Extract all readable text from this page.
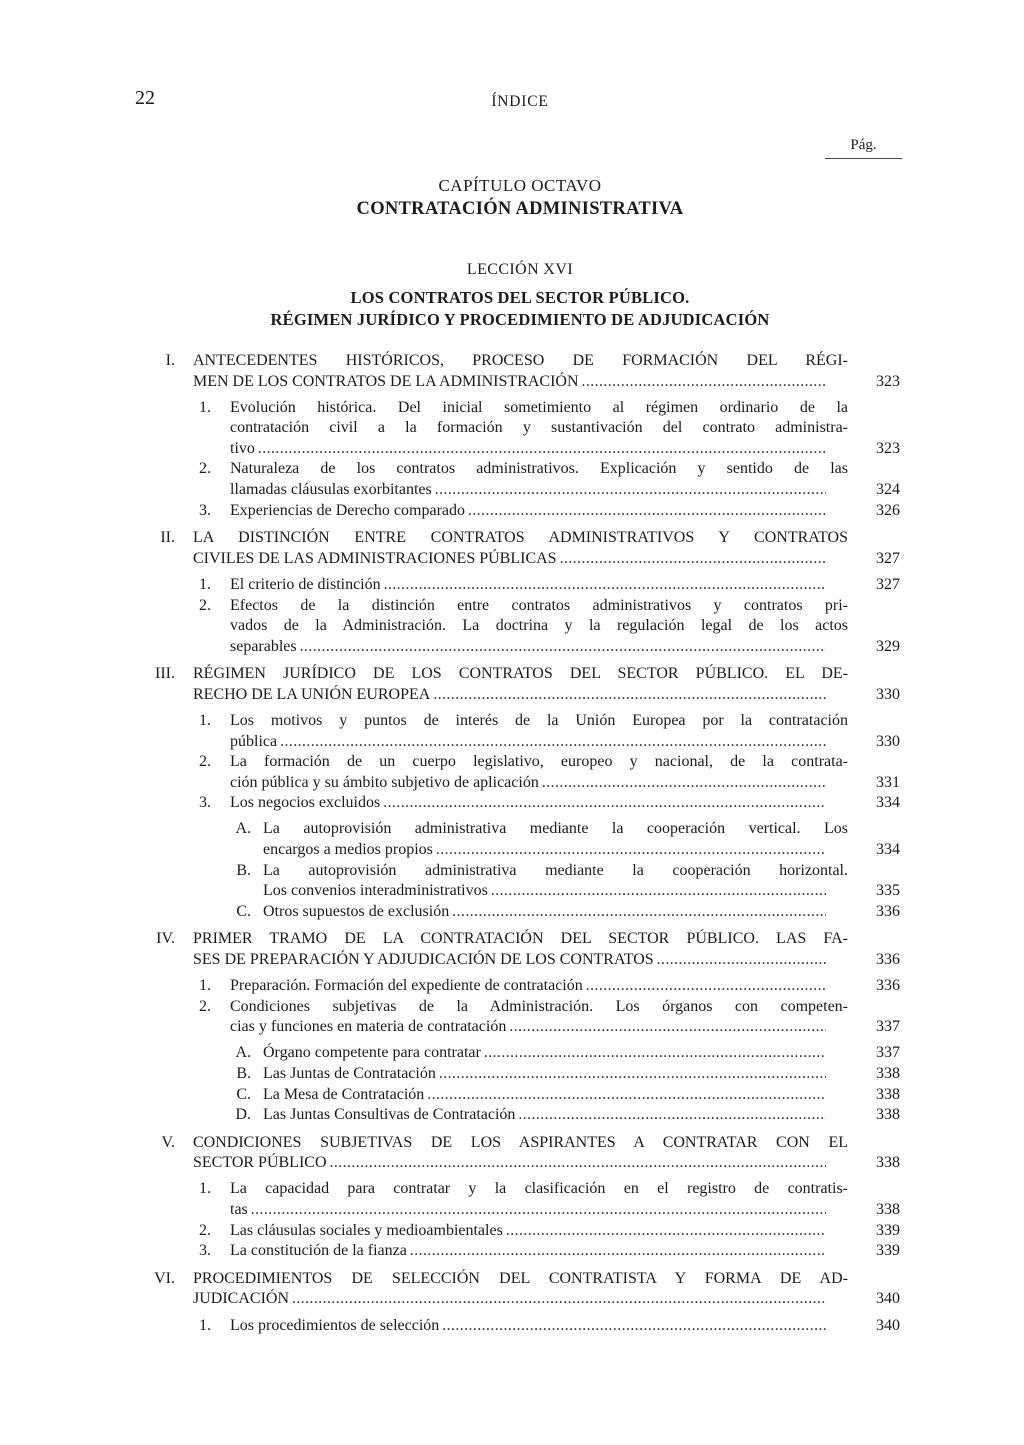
22	ÍNDICE
Pág.
CAPÍTULO OCTAVO
CONTRATACIÓN ADMINISTRATIVA
LECCIÓN XVI
LOS CONTRATOS DEL SECTOR PÚBLICO.
RÉGIMEN JURÍDICO Y PROCEDIMIENTO DE ADJUDICACIÓN
I.	ANTECEDENTES HISTÓRICOS, PROCESO DE FORMACIÓN DEL RÉGI-
MEN DE LOS CONTRATOS DE LA ADMINISTRACIÓN .....	323
1.	Evolución histórica. Del inicial sometimiento al régimen ordinario de la
contratación civil a la formación y sustantivación del contrato administra-
tivo .....	323
2.	Naturaleza de los contratos administrativos. Explicación y sentido de las
llamadas cláusulas exorbitantes .....	324
3.	Experiencias de Derecho comparado .....	326
II.	LA DISTINCIÓN ENTRE CONTRATOS ADMINISTRATIVOS Y CONTRATOS
CIVILES DE LAS ADMINISTRACIONES PÚBLICAS .....	327
1.	El criterio de distinción .....	327
2.	Efectos de la distinción entre contratos administrativos y contratos pri-
vados de la Administración. La doctrina y la regulación legal de los actos
separables .....	329
III.	RÉGIMEN JURÍDICO DE LOS CONTRATOS DEL SECTOR PÚBLICO. EL DE-
RECHO DE LA UNIÓN EUROPEA .....	330
1.	Los motivos y puntos de interés de la Unión Europea por la contratación
pública .....	330
2.	La formación de un cuerpo legislativo, europeo y nacional, de la contrata-
ción pública y su ámbito subjetivo de aplicación .....	331
3.	Los negocios excluidos .....	334
A. La autoprovisión administrativa mediante la cooperación vertical. Los
encargos a medios propios .....	334
B. La autoprovisión administrativa mediante la cooperación horizontal.
Los convenios interadministrativos .....	335
C. Otros supuestos de exclusión .....	336
IV.	PRIMER TRAMO DE LA CONTRATACIÓN DEL SECTOR PÚBLICO. LAS FA-
SES DE PREPARACIÓN Y ADJUDICACIÓN DE LOS CONTRATOS .....	336
1.	Preparación. Formación del expediente de contratación .....	336
2.	Condiciones subjetivas de la Administración. Los órganos con competen-
cias y funciones en materia de contratación .....	337
A. Órgano competente para contratar .....	337
B. Las Juntas de Contratación .....	338
C. La Mesa de Contratación .....	338
D. Las Juntas Consultivas de Contratación .....	338
V.	CONDICIONES SUBJETIVAS DE LOS ASPIRANTES A CONTRATAR CON EL
SECTOR PÚBLICO .....	338
1.	La capacidad para contratar y la clasificación en el registro de contratis-
tas .....	338
2.	Las cláusulas sociales y medioambientales .....	339
3.	La constitución de la fianza .....	339
VI.	PROCEDIMIENTOS DE SELECCIÓN DEL CONTRATISTA Y FORMA DE AD-
JUDICACIÓN .....	340
1.	Los procedimientos de selección .....	340
